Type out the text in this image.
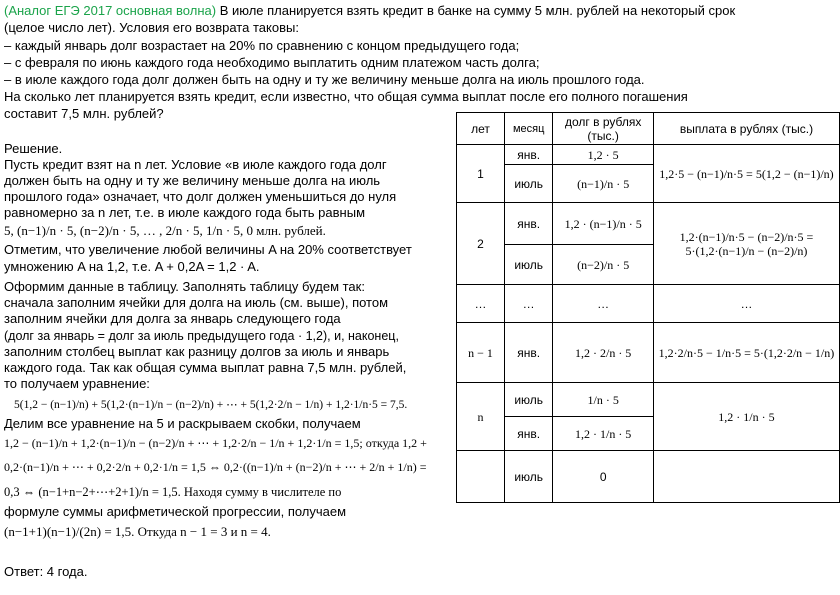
(Аналог ЕГЭ 2017 основная волна) В июле планируется взять кредит в банке на сумму 5 млн. рублей на некоторый срок
(целое число лет). Условия его возврата таковы:
– каждый январь долг возрастает на 20% по сравнению с концом предыдущего года;
– с февраля по июнь каждого года необходимо выплатить одним платежом часть долга;
– в июле каждого года долг должен быть на одну и ту же величину меньше долга на июль прошлого года.
На сколько лет планируется взять кредит, если известно, что общая сумма выплат после его полного погашения
составит 7,5 млн. рублей?
Решение.
Пусть кредит взят на n лет. Условие «в июле каждого года долг
должен быть на одну и ту же величину меньше долга на июль
прошлого года» означает, что долг должен уменьшиться до нуля
равномерно за n лет, т.е. в июле каждого года быть равным
5, (n−1)/n · 5, (n−2)/n · 5, … , 2/n · 5, 1/n · 5, 0 млн. рублей.
Отметим, что увеличение любой величины A на 20% соответствует
умножению A на 1,2, т.е. A + 0,2A = 1,2 · A.
Оформим данные в таблицу. Заполнять таблицу будем так:
сначала заполним ячейки для долга на июль (см. выше), потом
заполним ячейки для долга за январь следующего года
(долг за январь = долг за июль предыдущего года · 1,2), и, наконец,
заполним столбец выплат как разницу долгов за июль и январь
каждого года. Так как общая сумма выплат равна 7,5 млн. рублей,
то получаем уравнение:
5(1,2 − (n−1)/n) + 5(1,2·(n−1)/n − (n−2)/n) + ⋯ + 5(1,2·2/n − 1/n) + 1,2·1/n·5 = 7,5.
Делим все уравнение на 5 и раскрываем скобки, получаем
1,2 − (n−1)/n + 1,2·(n−1)/n − (n−2)/n + ⋯ + 1,2·2/n − 1/n + 1,2·1/n = 1,5; откуда 1,2 +
0,2·(n−1)/n + ⋯ + 0,2·2/n + 0,2·1/n = 1,5 ⇔ 0,2·((n−1)/n + (n−2)/n + ⋯ + 2/n + 1/n) =
0,3 ⇔ (n−1+n−2+⋯+2+1)/n = 1,5. Находя сумму в числителе по
формуле суммы арифметической прогрессии, получаем
(n−1+1)(n−1)/(2n) = 1,5. Откуда n − 1 = 3 и n = 4.
Ответ: 4 года.
лет	месяц	долг в рублях (тыс.)	выплата в рублях (тыс.)
1	янв.	1,2 · 5	1,2·5 − (n−1)/n·5 = 5(1,2 − (n−1)/n)
	июль	(n−1)/n · 5	
2	янв.	1,2 · (n−1)/n · 5	1,2·(n−1)/n·5 − (n−2)/n·5 = 5·(1,2·(n−1)/n − (n−2)/n)
	июль	(n−2)/n · 5	
…	…	…	…
n − 1	янв.	1,2 · 2/n · 5	1,2·2/n·5 − 1/n·5 = 5·(1,2·2/n − 1/n)
n	июль	1/n · 5	1,2 · 1/n · 5
	янв.	1,2 · 1/n · 5	
	июль	0	
